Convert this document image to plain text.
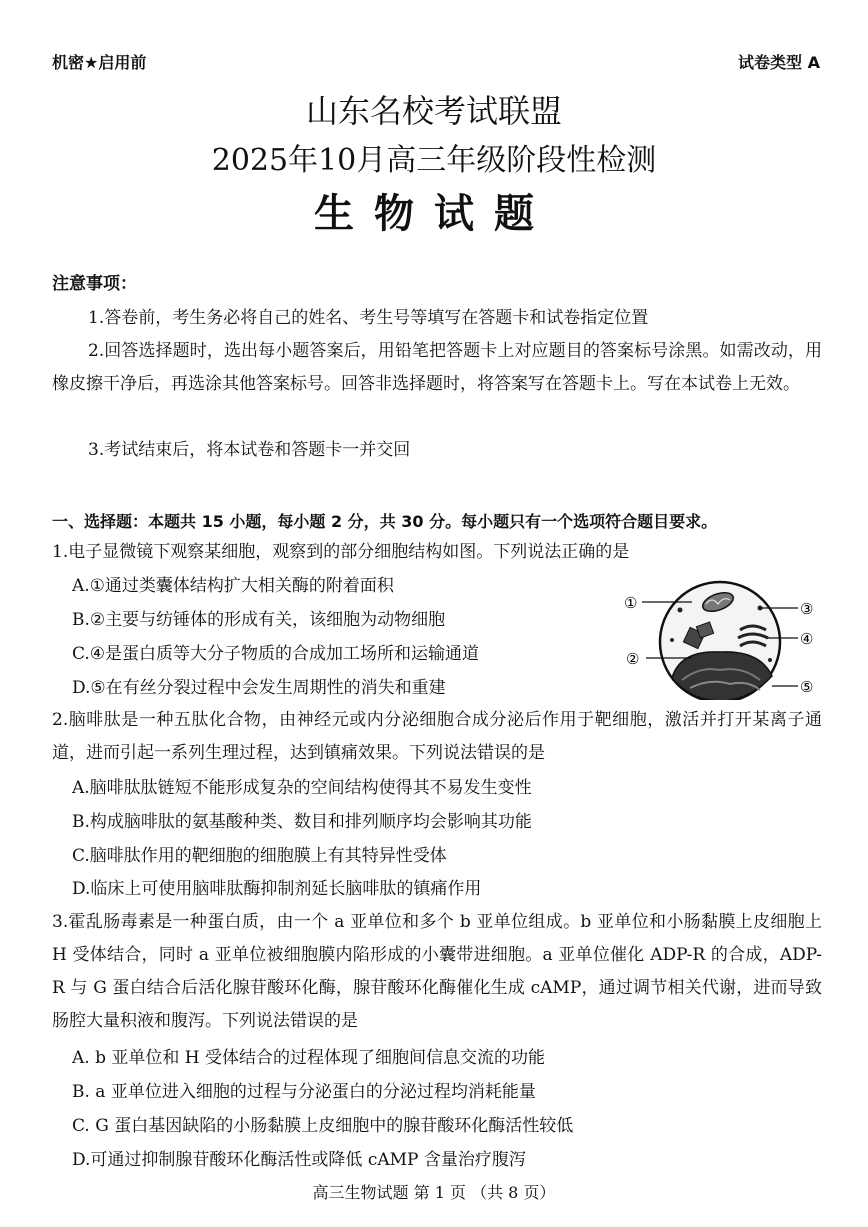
机密★启用前	试卷类型 A
山东名校考试联盟
2025年10月高三年级阶段性检测
生物试题
注意事项：
1.答卷前，考生务必将自己的姓名、考生号等填写在答题卡和试卷指定位置
2.回答选择题时，选出每小题答案后，用铅笔把答题卡上对应题目的答案标号涂黑。如需改动，用橡皮擦干净后，再选涂其他答案标号。回答非选择题时，将答案写在答题卡上。写在本试卷上无效。
3.考试结束后，将本试卷和答题卡一并交回
一、选择题：本题共 15 小题，每小题 2 分，共 30 分。每小题只有一个选项符合题目要求。
1.电子显微镜下观察某细胞，观察到的部分细胞结构如图。下列说法正确的是
A.①通过类囊体结构扩大相关酶的附着面积
B.②主要与纺锤体的形成有关，该细胞为动物细胞
C.④是蛋白质等大分子物质的合成加工场所和运输通道
D.⑤在有丝分裂过程中会发生周期性的消失和重建
①
②
③
④
⑤
2.脑啡肽是一种五肽化合物，由神经元或内分泌细胞合成分泌后作用于靶细胞，激活并打开某离子通道，进而引起一系列生理过程，达到镇痛效果。下列说法错误的是
A.脑啡肽肽链短不能形成复杂的空间结构使得其不易发生变性
B.构成脑啡肽的氨基酸种类、数目和排列顺序均会影响其功能
C.脑啡肽作用的靶细胞的细胞膜上有其特异性受体
D.临床上可使用脑啡肽酶抑制剂延长脑啡肽的镇痛作用
3.霍乱肠毒素是一种蛋白质，由一个 a 亚单位和多个 b 亚单位组成。b 亚单位和小肠黏膜上皮细胞上 H 受体结合，同时 a 亚单位被细胞膜内陷形成的小囊带进细胞。a 亚单位催化 ADP-R 的合成，ADP-R 与 G 蛋白结合后活化腺苷酸环化酶，腺苷酸环化酶催化生成 cAMP，通过调节相关代谢，进而导致肠腔大量积液和腹泻。下列说法错误的是
A. b 亚单位和 H 受体结合的过程体现了细胞间信息交流的功能
B. a 亚单位进入细胞的过程与分泌蛋白的分泌过程均消耗能量
C. G 蛋白基因缺陷的小肠黏膜上皮细胞中的腺苷酸环化酶活性较低
D.可通过抑制腺苷酸环化酶活性或降低 cAMP 含量治疗腹泻
高三生物试题 第 1 页 （共 8 页）
